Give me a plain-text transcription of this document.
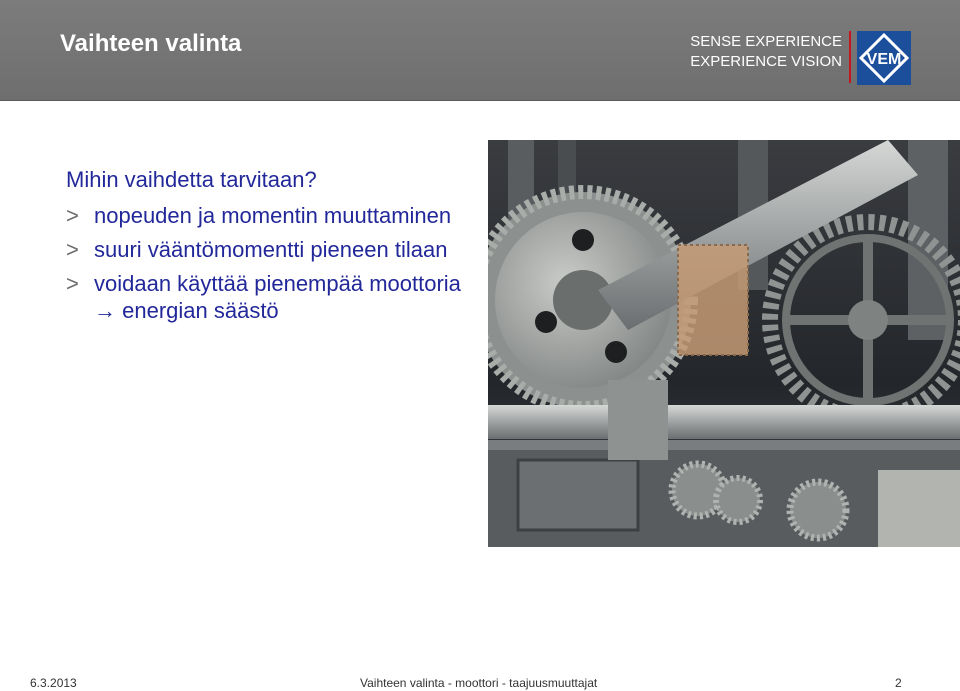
Vaihteen valinta	SENSE EXPERIENCE
EXPERIENCE VISION VEM

Mihin vaihdetta tarvitaan?

> nopeuden ja momentin muuttaminen
> suuri vääntömomentti pieneen tilaan
> voidaan käyttää pienempää moottoria → energian säästö
6.3.2013	Vaihteen valinta - moottori - taajuusmuuttajat	2
